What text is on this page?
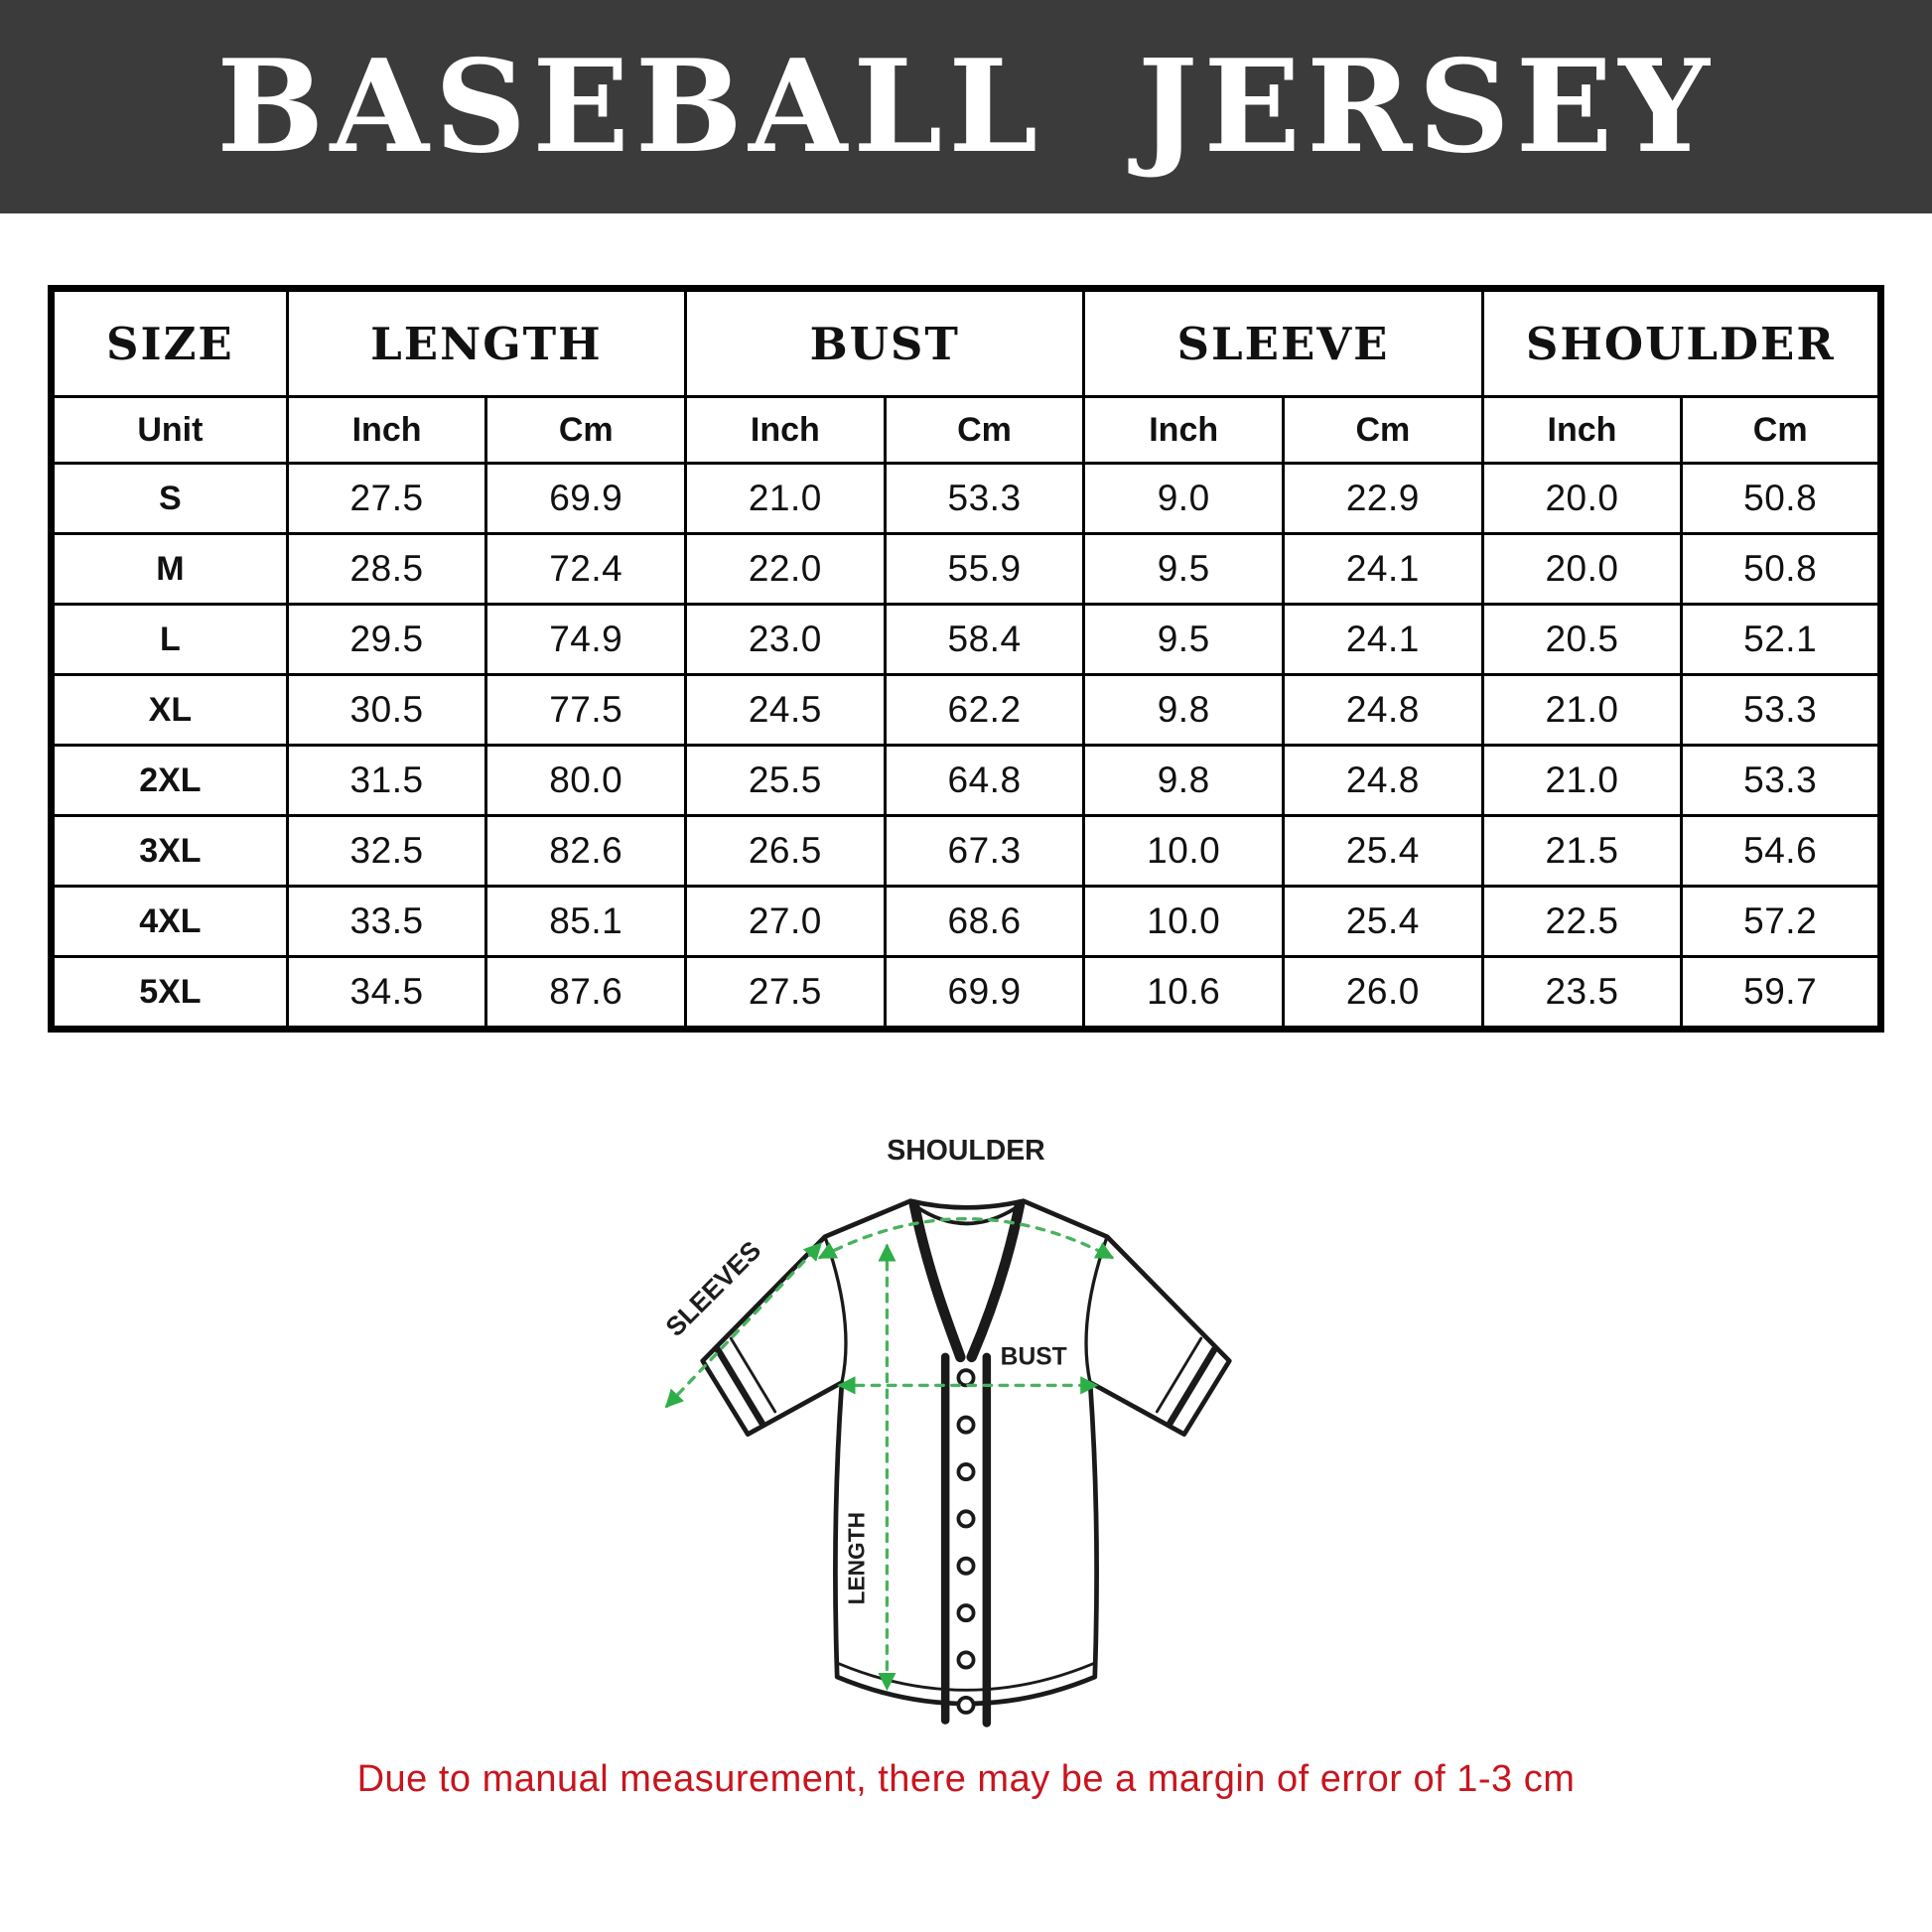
BASEBALL JERSEY
SIZE	LENGTH		BUST		SLEEVE		SHOULDER	
Unit	Inch	Cm	Inch	Cm	Inch	Cm	Inch	Cm
S	27.5	69.9	21.0	53.3	9.0	22.9	20.0	50.8
M	28.5	72.4	22.0	55.9	9.5	24.1	20.0	50.8
L	29.5	74.9	23.0	58.4	9.5	24.1	20.5	52.1
XL	30.5	77.5	24.5	62.2	9.8	24.8	21.0	53.3
2XL	31.5	80.0	25.5	64.8	9.8	24.8	21.0	53.3
3XL	32.5	82.6	26.5	67.3	10.0	25.4	21.5	54.6
4XL	33.5	85.1	27.0	68.6	10.0	25.4	22.5	57.2
5XL	34.5	87.6	27.5	69.9	10.6	26.0	23.5	59.7
SHOULDER
SLEEVES
LENGTH
BUST

Due to manual measurement, there may be a margin of error of 1-3 cm
